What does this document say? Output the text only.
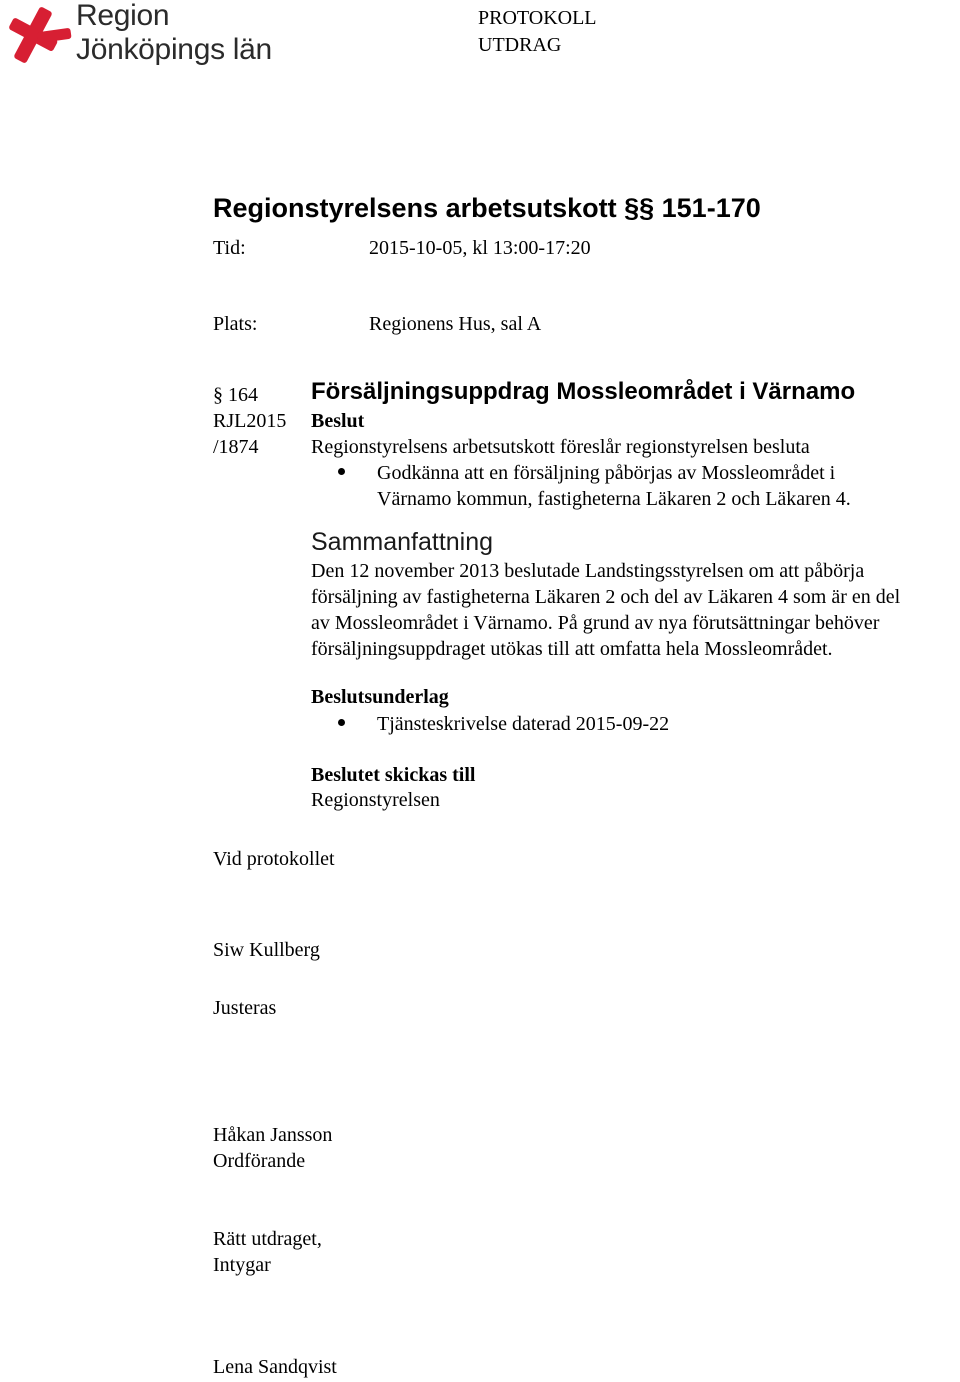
Region
Jönköpings län
PROTOKOLL
UTDRAG
Regionstyrelsens arbetsutskott §§ 151-170
Tid:	2015-10-05, kl 13:00-17:20
Plats:	Regionens Hus, sal A
§ 164
RJL2015
/1874
Försäljningsuppdrag Mossleområdet i Värnamo
Beslut
Regionstyrelsens arbetsutskott föreslår regionstyrelsen besluta
Godkänna att en försäljning påbörjas av Mossleområdet i
Värnamo kommun, fastigheterna Läkaren 2 och Läkaren 4.
Sammanfattning
Den 12 november 2013 beslutade Landstingsstyrelsen om att påbörja
försäljning av fastigheterna Läkaren 2 och del av Läkaren 4 som är en del
av Mossleområdet i Värnamo. På grund av nya förutsättningar behöver
försäljningsuppdraget utökas till att omfatta hela Mossleområdet.
Beslutsunderlag
Tjänsteskrivelse daterad 2015-09-22
Beslutet skickas till
Regionstyrelsen
Vid protokollet
Siw Kullberg
Justeras
Håkan Jansson
Ordförande
Rätt utdraget,
Intygar
Lena Sandqvist
